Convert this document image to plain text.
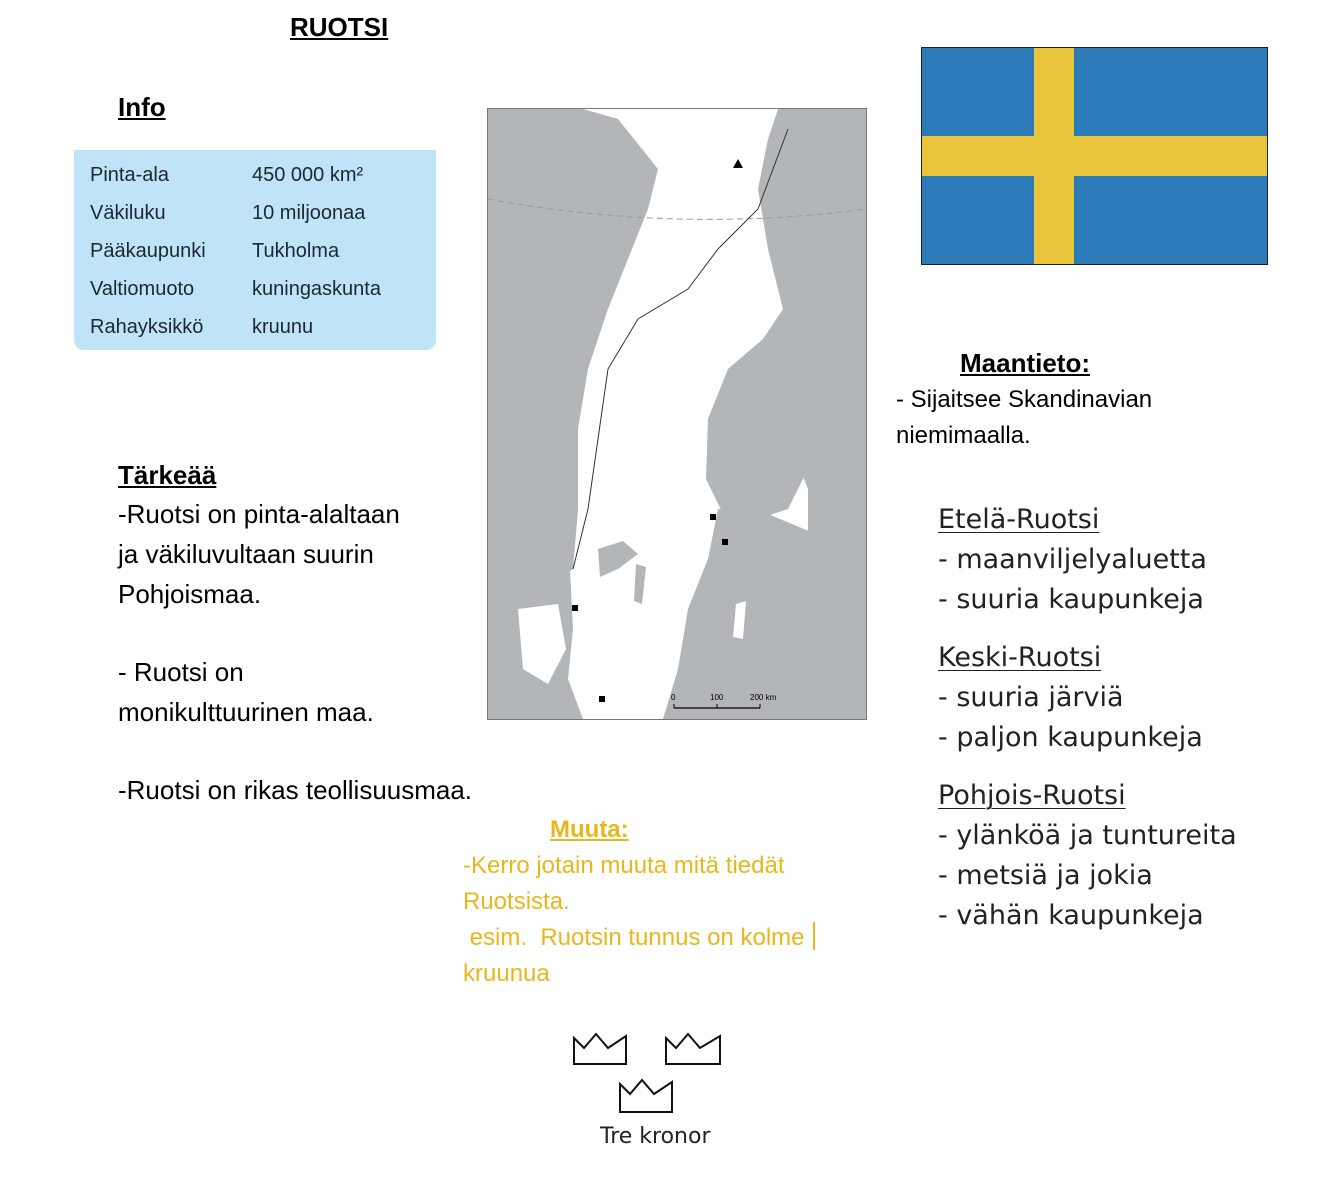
RUOTSI
Info
Pinta-ala	450 000 km²
Väkiluku	10 miljoonaa
Pääkaupunki	Tukholma
Valtiomuoto	kuningaskunta
Rahayksikkö	kruunu
Tärkeää
-Ruotsi on pinta-alaltaan
ja väkiluvultaan suurin
Pohjoismaa.
- Ruotsi on
monikulttuurinen maa.
-Ruotsi on rikas teollisuusmaa.
0	100	200 km
Maantieto:
- Sijaitsee Skandinavian
niemimaalla.
Etelä-Ruotsi
- maanviljelyaluetta
- suuria kaupunkeja
Keski-Ruotsi
- suuria järviä
- paljon kaupunkeja
Pohjois-Ruotsi
- ylänköä ja tuntureita
- metsiä ja jokia
- vähän kaupunkeja
Muuta:
-Kerro jotain muuta mitä tiedät
Ruotsista.
esim.  Ruotsin tunnus on kolme
kruunua
Tre kronor
